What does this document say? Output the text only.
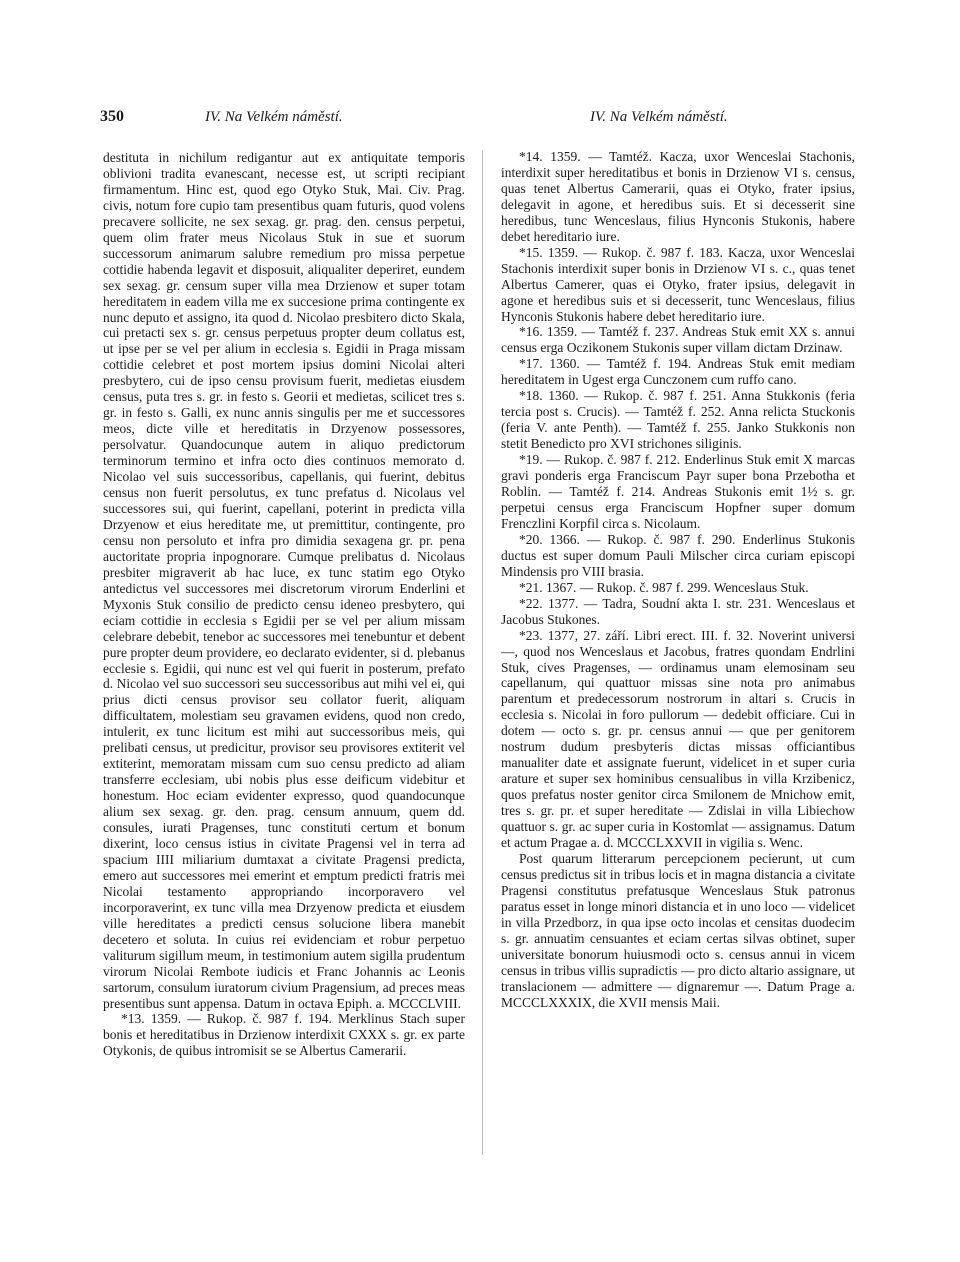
350	IV. Na Velkém náměstí.	IV. Na Velkém náměstí.

destituta in nichilum redigantur aut ex antiquitate temporis oblivioni tradita evanescant, necesse est, ut scripti recipiant firmamentum. Hinc est, quod ego Otyko Stuk, Mai. Civ. Prag. civis, notum fore cupio tam presentibus quam futuris, quod volens precavere sollicite, ne sex sexag. gr. prag. den. census perpetui, quem olim frater meus Nicolaus Stuk in sue et suorum successorum animarum salubre remedium pro missa perpetue cottidie habenda legavit et disposuit, aliqualiter deperiret, eundem sex sexag. gr. censum super villa mea Drzienow et super totam hereditatem in eadem villa me ex succesione prima contingente ex nunc deputo et assigno, ita quod d. Nicolao presbitero dicto Skala, cui pretacti sex s. gr. census perpetuus propter deum collatus est, ut ipse per se vel per alium in ecclesia s. Egidii in Praga missam cottidie celebret et post mortem ipsius domini Nicolai alteri presbytero, cui de ipso censu provisum fuerit, medietas eiusdem census, puta tres s. gr. in festo s. Georii et medietas, scilicet tres s. gr. in festo s. Galli, ex nunc annis singulis per me et successores meos, dicte ville et hereditatis in Drzyenow possessores, persolvatur. Quandocunque autem in aliquo predictorum terminorum termino et infra octo dies continuos memorato d. Nicolao vel suis successoribus, capellanis, qui fuerint, debitus census non fuerit persolutus, ex tunc prefatus d. Nicolaus vel successores sui, qui fuerint, capellani, poterint in predicta villa Drzyenow et eius hereditate me, ut premittitur, contingente, pro censu non persoluto et infra pro dimidia sexagena gr. pr. pena auctoritate propria inpognorare. Cumque prelibatus d. Nicolaus presbiter migraverit ab hac luce, ex tunc statim ego Otyko antedictus vel successores mei discretorum virorum Enderlini et Myxonis Stuk consilio de predicto censu ideneo presbytero, qui eciam cottidie in ecclesia s Egidii per se vel per alium missam celebrare debebit, tenebor ac successores mei tenebuntur et debent pure propter deum providere, eo declarato evidenter, si d. plebanus ecclesie s. Egidii, qui nunc est vel qui fuerit in posterum, prefato d. Nicolao vel suo successori seu successoribus aut mihi vel ei, qui prius dicti census provisor seu collator fuerit, aliquam difficultatem, molestiam seu gravamen evidens, quod non credo, intulerit, ex tunc licitum est mihi aut successoribus meis, qui prelibati census, ut predicitur, provisor seu provisores extiterit vel extiterint, memoratam missam cum suo censu predicto ad aliam transferre ecclesiam, ubi nobis plus esse deificum videbitur et honestum. Hoc eciam evidenter expresso, quod quandocunque alium sex sexag. gr. den. prag. censum annuum, quem dd. consules, iurati Pragenses, tunc constituti certum et bonum dixerint, loco census istius in civitate Pragensi vel in terra ad spacium IIII miliarium dumtaxat a civitate Pragensi predicta, emero aut successores mei emerint et emptum predicti fratris mei Nicolai testamento appropriando incorporavero vel incorporaverint, ex tunc villa mea Drzyenow predicta et eiusdem ville hereditates a predicti census solucione libera manebit decetero et soluta. In cuius rei evidenciam et robur perpetuo valiturum sigillum meum, in testimonium autem sigilla prudentum virorum Nicolai Rembote iudicis et Franc Johannis ac Leonis sartorum, consulum iuratorum civium Pragensium, ad preces meas presentibus sunt appensa. Datum in octava Epiph. a. MCCCLVIII.

*13. 1359. — Rukop. č. 987 f. 194. Merklinus Stach super bonis et hereditatibus in Drzienow interdixit CXXX s. gr. ex parte Otykonis, de quibus intromisit se se Albertus Camerarii.

*14. 1359. — Tamtéž. Kacza, uxor Wenceslai Stachonis, interdixit super hereditatibus et bonis in Drzienow VI s. census, quas tenet Albertus Camerarii, quas ei Otyko, frater ipsius, delegavit in agone, et heredibus suis. Et si decesserit sine heredibus, tunc Wenceslaus, filius Hynconis Stukonis, habere debet hereditario iure.

*15. 1359. — Rukop. č. 987 f. 183. Kacza, uxor Wenceslai Stachonis interdixit super bonis in Drzienow VI s. c., quas tenet Albertus Camerer, quas ei Otyko, frater ipsius, delegavit in agone et heredibus suis et si decesserit, tunc Wenceslaus, filius Hynconis Stukonis habere debet hereditario iure.

*16. 1359. — Tamtéž f. 237. Andreas Stuk emit XX s. annui census erga Oczikonem Stukonis super villam dictam Drzinaw.

*17. 1360. — Tamtéž f. 194. Andreas Stuk emit mediam hereditatem in Ugest erga Cunczonem cum ruffo cano.

*18. 1360. — Rukop. č. 987 f. 251. Anna Stukkonis (feria tercia post s. Crucis). — Tamtéž f. 252. Anna relicta Stuckonis (feria V. ante Penth). — Tamtéž f. 255. Janko Stukkonis non stetit Benedicto pro XVI strichones siliginis.

*19. — Rukop. č. 987 f. 212. Enderlinus Stuk emit X marcas gravi ponderis erga Franciscum Payr super bona Przebotha et Roblin. — Tamtéž f. 214. Andreas Stukonis emit 1½ s. gr. perpetui census erga Franciscum Hopfner super domum Frenczlini Korpfil circa s. Nicolaum.

*20. 1366. — Rukop. č. 987 f. 290. Enderlinus Stukonis ductus est super domum Pauli Milscher circa curiam episcopi Mindensis pro VIII brasia.

*21. 1367. — Rukop. č. 987 f. 299. Wenceslaus Stuk.

*22. 1377. — Tadra, Soudní akta I. str. 231. Wenceslaus et Jacobus Stukones.

*23. 1377, 27. září. Libri erect. III. f. 32. Noverint universi —, quod nos Wenceslaus et Jacobus, fratres quondam Endrlini Stuk, cives Pragenses, — ordinamus unam elemosinam seu capellanum, qui quattuor missas sine nota pro animabus parentum et predecessorum nostrorum in altari s. Crucis in ecclesia s. Nicolai in foro pullorum — dedebit officiare. Cui in dotem — octo s. gr. pr. census annui — que per genitorem nostrum dudum presbyteris dictas missas officiantibus manualiter date et assignate fuerunt, videlicet in et super curia arature et super sex hominibus censualibus in villa Krzibenicz, quos prefatus noster genitor circa Smilonem de Mnichow emit, tres s. gr. pr. et super hereditate — Zdislai in villa Libiechow quattuor s. gr. ac super curia in Kostomlat — assignamus. Datum et actum Pragae a. d. MCCCLXXVII in vigilia s. Wenc.

Post quarum litterarum percepcionem pecierunt, ut cum census predictus sit in tribus locis et in magna distancia a civitate Pragensi constitutus prefatusque Wenceslaus Stuk patronus paratus esset in longe minori distancia et in uno loco — videlicet in villa Przedborz, in qua ipse octo incolas et censitas duodecim s. gr. annuatim censuantes et eciam certas silvas obtinet, super universitate bonorum huiusmodi octo s. census annui in vicem census in tribus villis supradictis — pro dicto altario assignare, ut translacionem — admittere — dignaremur —. Datum Prage a. MCCCLXXXIX, die XVII mensis Maii.
